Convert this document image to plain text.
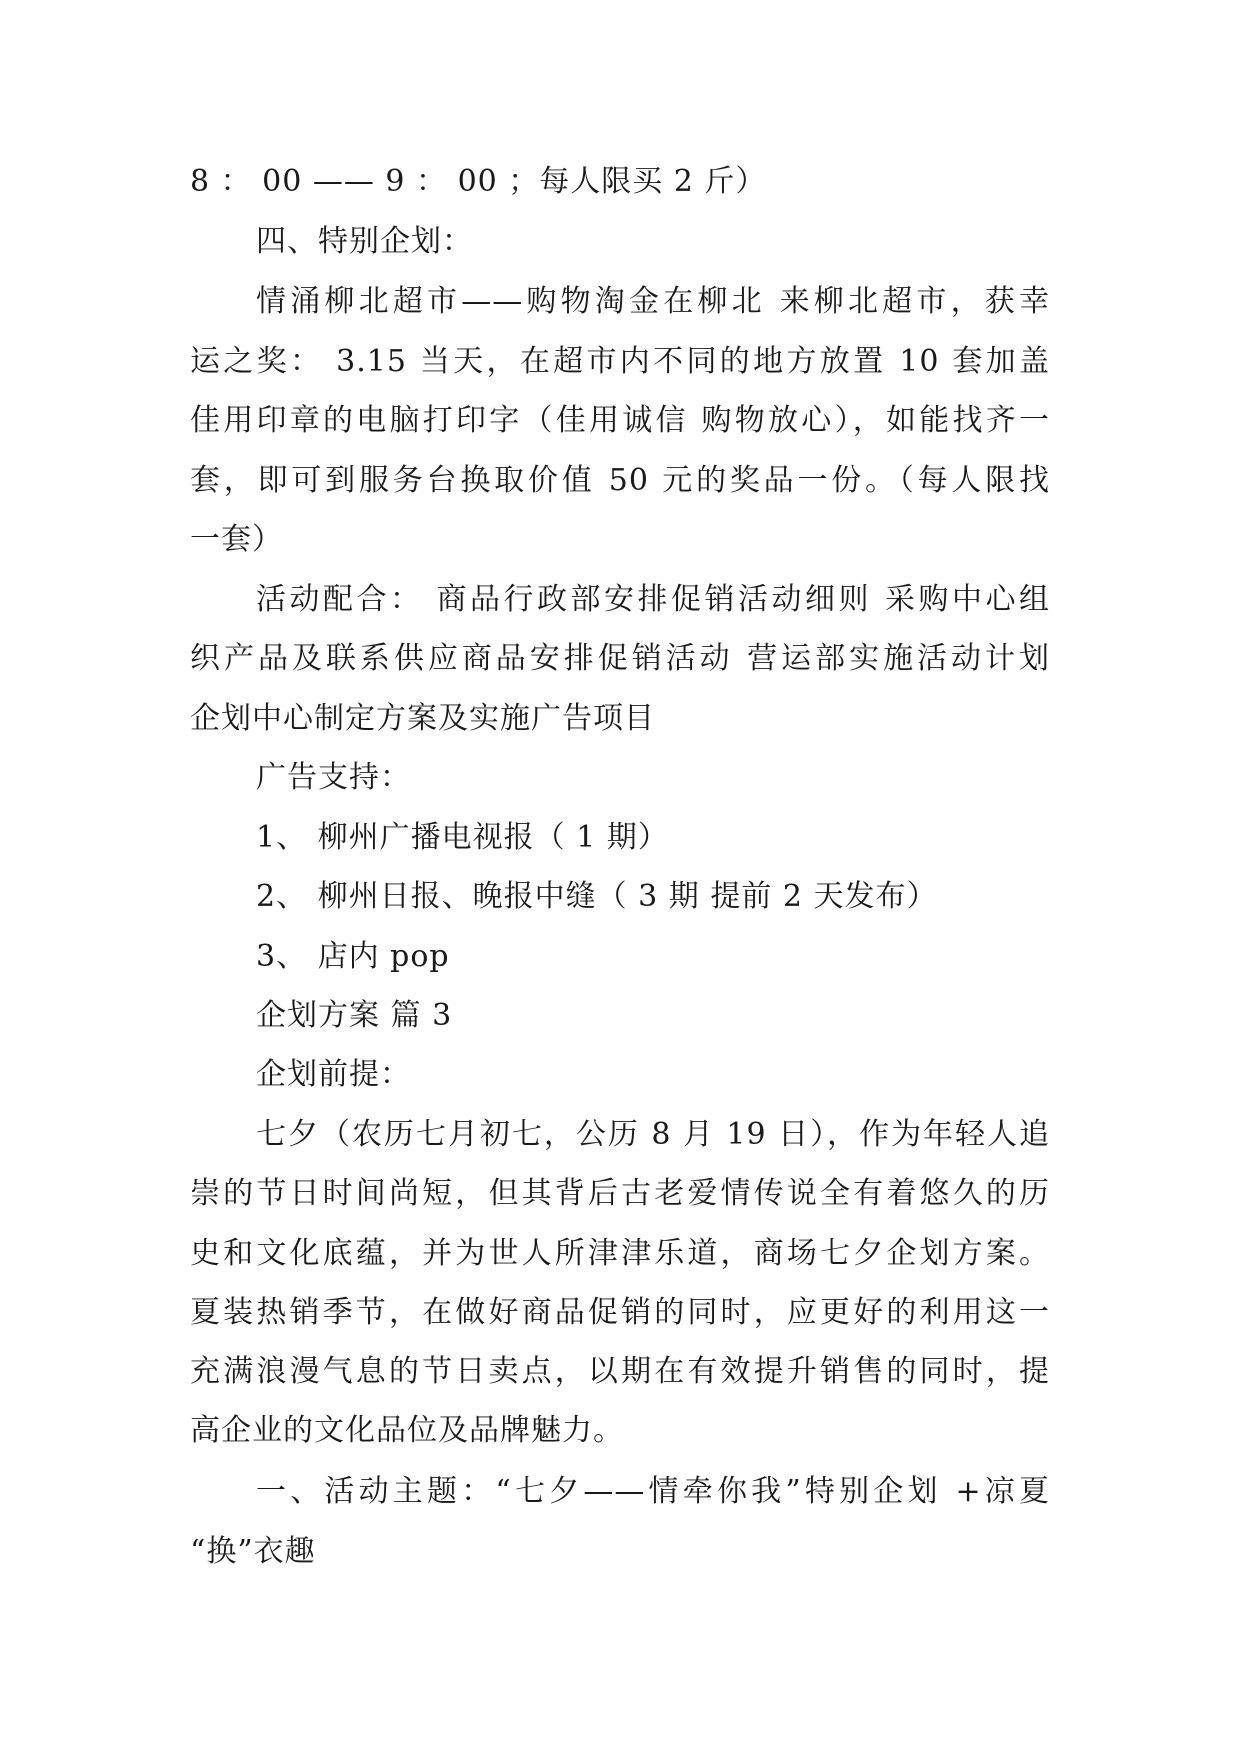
8 ： 00 —— 9 ： 00 ；每人限买 2 斤）
四、特别企划：
情涌柳北超市——购物淘金在柳北 来柳北超市，获幸
运之奖： 3.15 当天，在超市内不同的地方放置 10 套加盖
佳用印章的电脑打印字（佳用诚信 购物放心），如能找齐一
套，即可到服务台换取价值 50 元的奖品一份。（每人限找
一套）
活动配合： 商品行政部安排促销活动细则 采购中心组
织产品及联系供应商品安排促销活动 营运部实施活动计划
企划中心制定方案及实施广告项目
广告支持：
1、 柳州广播电视报（ 1 期）
2、 柳州日报、晚报中缝（ 3 期 提前 2 天发布）
3、 店内 pop
企划方案 篇 3
企划前提：
七夕（农历七月初七，公历 8 月 19 日），作为年轻人追
崇的节日时间尚短，但其背后古老爱情传说全有着悠久的历
史和文化底蕴，并为世人所津津乐道，商场七夕企划方案。
夏装热销季节，在做好商品促销的同时，应更好的利用这一
充满浪漫气息的节日卖点，以期在有效提升销售的同时，提
高企业的文化品位及品牌魅力。
一、活动主题：“七夕——情牵你我”特别企划 +凉夏
“换”衣趣
